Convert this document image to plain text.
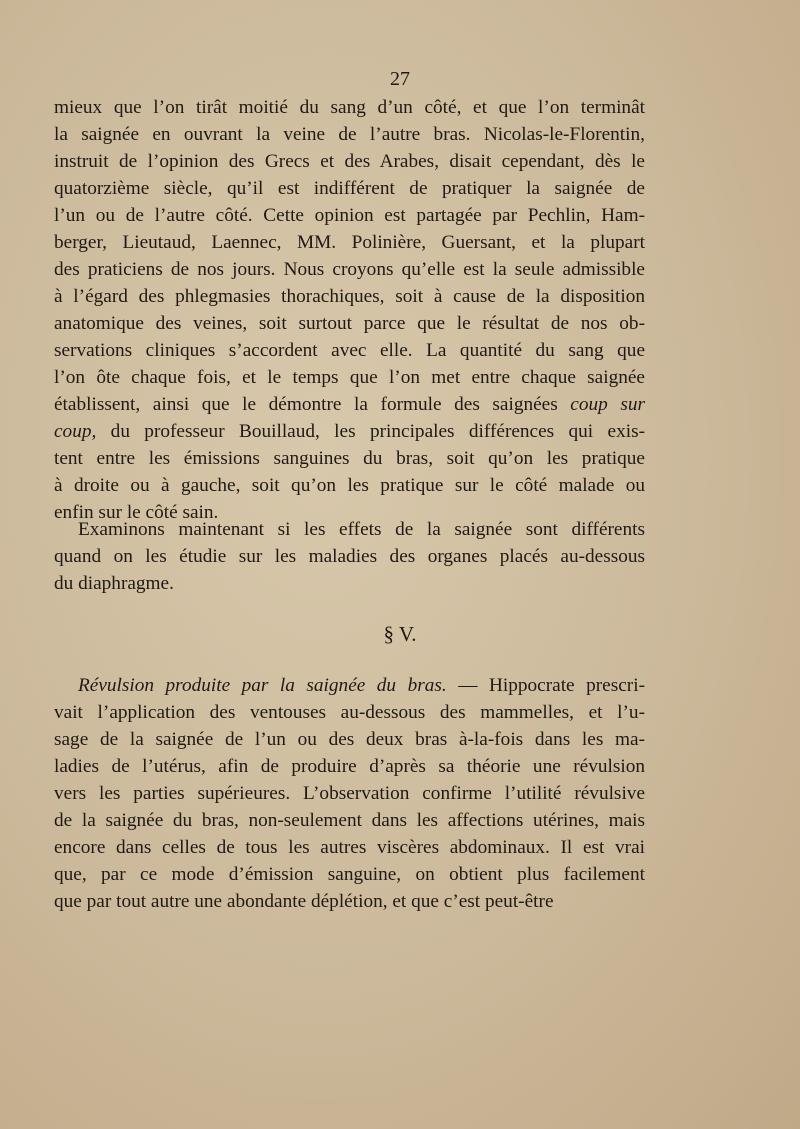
27
mieux que l’on tirât moitié du sang d’un côté, et que l’on terminât
la saignée en ouvrant la veine de l’autre bras. Nicolas-le-Florentin,
instruit de l’opinion des Grecs et des Arabes, disait cependant, dès le
quatorzième siècle, qu’il est indifférent de pratiquer la saignée de
l’un ou de l’autre côté. Cette opinion est partagée par Pechlin, Ham-
berger, Lieutaud, Laennec, MM. Polinière, Guersant, et la plupart
des praticiens de nos jours. Nous croyons qu’elle est la seule admissible
à l’égard des phlegmasies thorachiques, soit à cause de la disposition
anatomique des veines, soit surtout parce que le résultat de nos ob-
servations cliniques s’accordent avec elle. La quantité du sang que
l’on ôte chaque fois, et le temps que l’on met entre chaque saignée
établissent, ainsi que le démontre la formule des saignées coup sur
coup, du professeur Bouillaud, les principales différences qui exis-
tent entre les émissions sanguines du bras, soit qu’on les pratique
à droite ou à gauche, soit qu’on les pratique sur le côté malade ou
enfin sur le côté sain.
Examinons maintenant si les effets de la saignée sont différents
quand on les étudie sur les maladies des organes placés au-dessous
du diaphragme.
§ V.
Révulsion produite par la saignée du bras. — Hippocrate prescri-
vait l’application des ventouses au-dessous des mammelles, et l’u-
sage de la saignée de l’un ou des deux bras à-la-fois dans les ma-
ladies de l’utérus, afin de produire d’après sa théorie une révulsion
vers les parties supérieures. L’observation confirme l’utilité révulsive
de la saignée du bras, non-seulement dans les affections utérines, mais
encore dans celles de tous les autres viscères abdominaux. Il est vrai
que, par ce mode d’émission sanguine, on obtient plus facilement
que par tout autre une abondante déplétion, et que c’est peut-être
